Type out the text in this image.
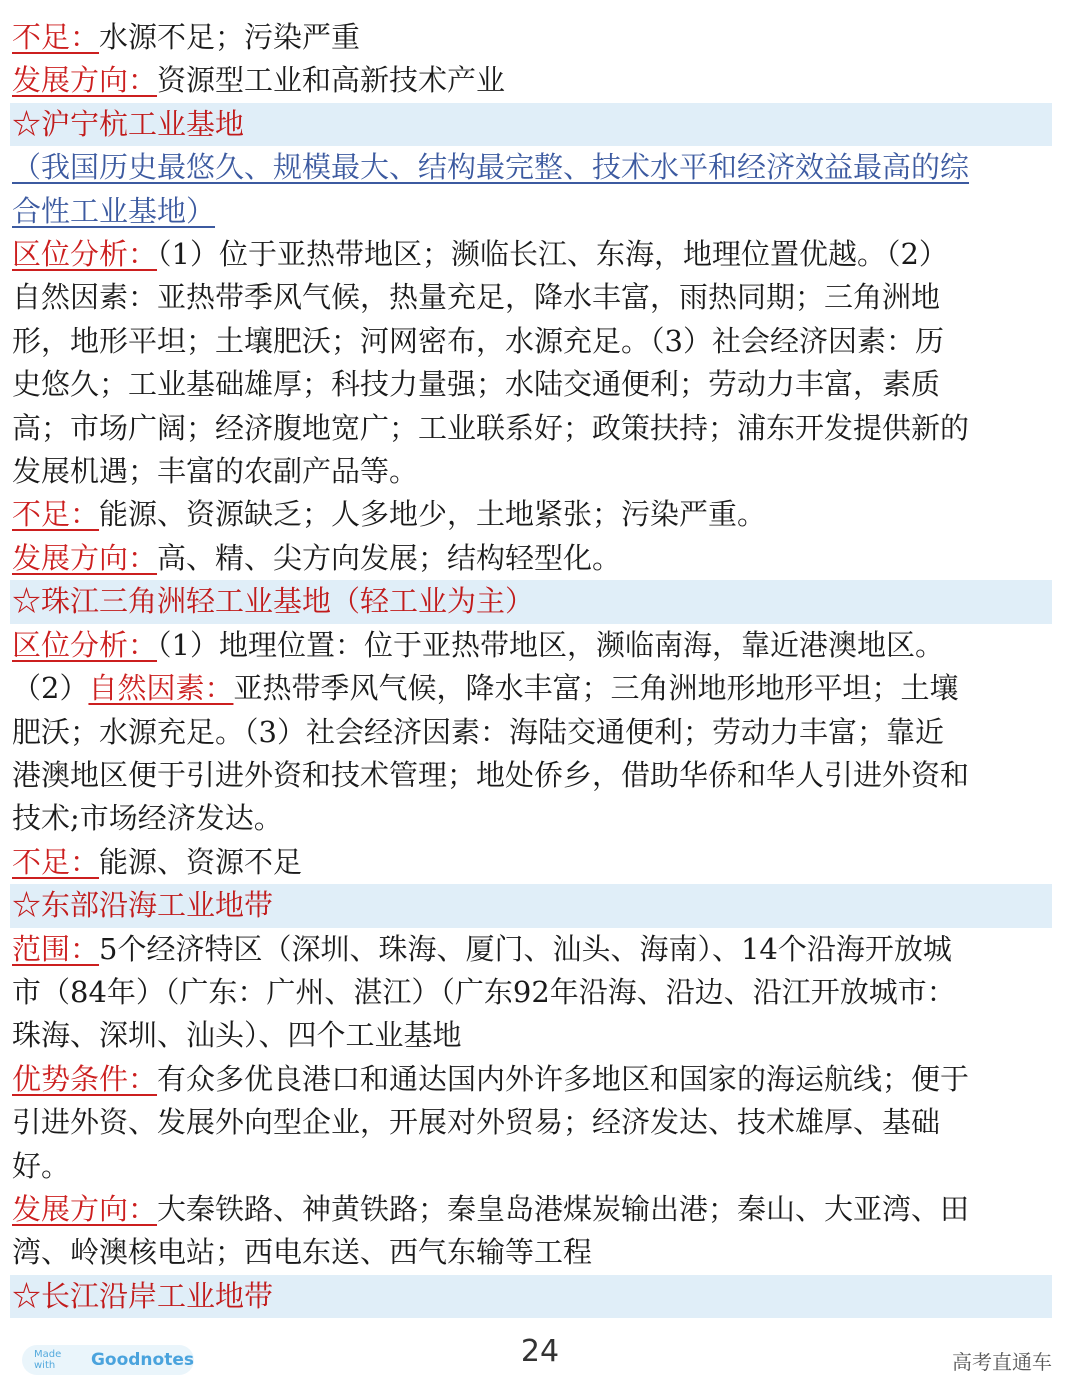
不足：水源不足；污染严重
发展方向：资源型工业和高新技术产业
☆沪宁杭工业基地
（我国历史最悠久、规模最大、结构最完整、技术水平和经济效益最高的综
合性工业基地）
区位分析：（1）位于亚热带地区；濒临长江、东海，地理位置优越。（2）
自然因素：亚热带季风气候，热量充足，降水丰富，雨热同期；三角洲地
形，地形平坦；土壤肥沃；河网密布，水源充足。（3）社会经济因素：历
史悠久；工业基础雄厚；科技力量强；水陆交通便利；劳动力丰富，素质
高；市场广阔；经济腹地宽广；工业联系好；政策扶持；浦东开发提供新的
发展机遇；丰富的农副产品等。
不足：能源、资源缺乏；人多地少，土地紧张；污染严重。
发展方向：高、精、尖方向发展；结构轻型化。
☆珠江三角洲轻工业基地（轻工业为主）
区位分析：（1）地理位置：位于亚热带地区，濒临南海，靠近港澳地区。
（2）自然因素：亚热带季风气候，降水丰富；三角洲地形地形平坦；土壤
肥沃；水源充足。（3）社会经济因素：海陆交通便利；劳动力丰富；靠近
港澳地区便于引进外资和技术管理；地处侨乡，借助华侨和华人引进外资和
技术;市场经济发达。
不足：能源、资源不足
☆东部沿海工业地带
范围：5个经济特区（深圳、珠海、厦门、汕头、海南）、14个沿海开放城
市（84年）（广东：广州、湛江）（广东92年沿海、沿边、沿江开放城市：
珠海、深圳、汕头）、四个工业基地
优势条件：有众多优良港口和通达国内外许多地区和国家的海运航线；便于
引进外资、发展外向型企业，开展对外贸易；经济发达、技术雄厚、基础
好。
发展方向：大秦铁路、神黄铁路；秦皇岛港煤炭输出港；秦山、大亚湾、田
湾、岭澳核电站；西电东送、西气东输等工程
☆长江沿岸工业地带
Made with	Goodnotes	24	高考直通车
